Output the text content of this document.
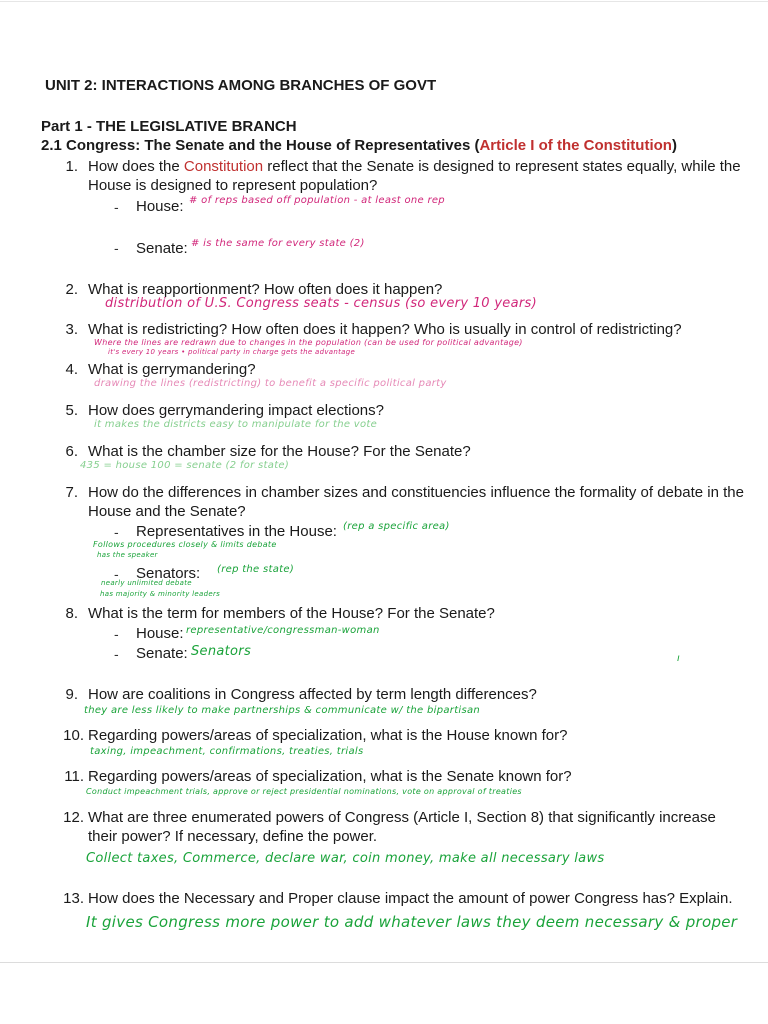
UNIT 2: INTERACTIONS AMONG BRANCHES OF GOVT
Part 1 - THE LEGISLATIVE BRANCH
2.1 Congress: The Senate and the House of Representatives (Article I of the Constitution)
1. How does the Constitution reflect that the Senate is designed to represent states equally, while the House is designed to represent population?
- House: # of reps based off population - at least one rep
- Senate: # is the same for every state (2)
2. What is reapportionment? How often does it happen?
distribution of U.S. Congress seats - census (so every 10 years)
3. What is redistricting? How often does it happen? Who is usually in control of redistricting?
Where the lines are redrawn due to changes in the population (can be used for political advantage)
it's every 10 years • political party in charge gets the advantage
4. What is gerrymandering?
drawing the lines (redistricting) to benefit a specific political party
5. How does gerrymandering impact elections?
it makes the districts easy to manipulate for the vote
6. What is the chamber size for the House? For the Senate?
435 = house 100 = senate (2 for state)
7. How do the differences in chamber sizes and constituencies influence the formality of debate in the House and the Senate?
- Representatives in the House: (rep a specific area)
Follows procedures closely & limits debate
has the speaker
- Senators: (rep the state)
nearly unlimited debate
has majority & minority leaders
8. What is the term for members of the House? For the Senate?
- House: representative/congressman-woman
- Senate: Senators	ı
9. How are coalitions in Congress affected by term length differences?
they are less likely to make partnerships & communicate w/ the bipartisan
10. Regarding powers/areas of specialization, what is the House known for?
taxing, impeachment, confirmations, treaties, trials
11. Regarding powers/areas of specialization, what is the Senate known for?
Conduct impeachment trials, approve or reject presidential nominations, vote on approval of treaties
12. What are three enumerated powers of Congress (Article I, Section 8) that significantly increase their power? If necessary, define the power.
Collect taxes, Commerce, declare war, coin money, make all necessary laws
13. How does the Necessary and Proper clause impact the amount of power Congress has? Explain.
It gives Congress more power to add whatever laws they deem necessary & proper
